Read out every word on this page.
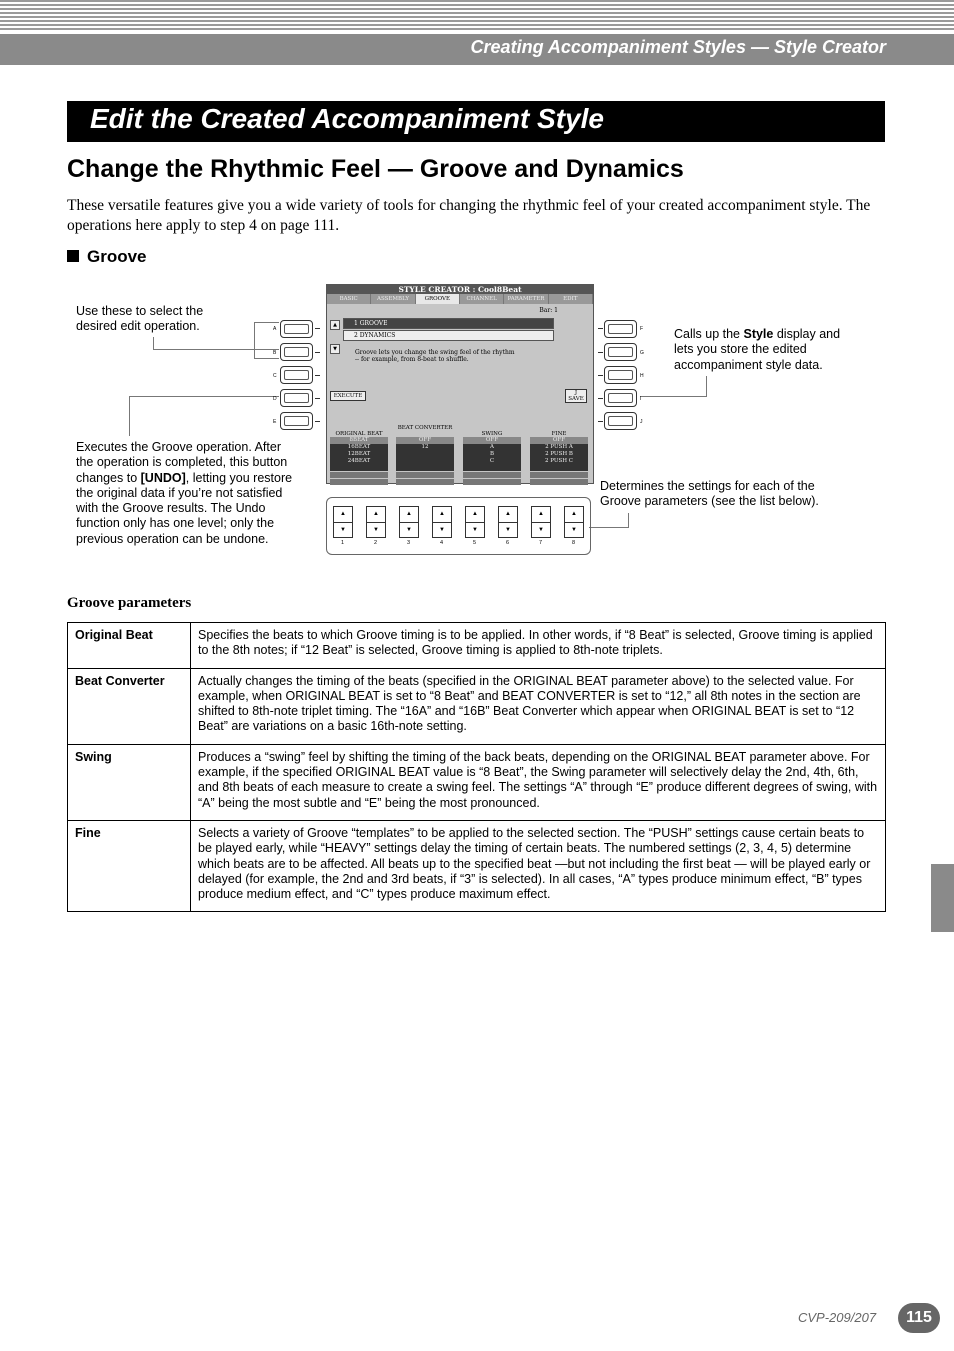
Creating Accompaniment Styles — Style Creator
Edit the Created Accompaniment Style
Change the Rhythmic Feel — Groove and Dynamics
These versatile features give you a wide variety of tools for changing the rhythmic feel of your created accompaniment style. The operations here apply to step 4 on page 111.
Groove
Use these to select the desired edit operation.
Executes the Groove operation. After the operation is completed, this button changes to [UNDO], letting you restore the original data if you’re not satisfied with the Groove results. The Undo function only has one level; only the previous operation can be undone.
Calls up the Style display and lets you store the edited accompaniment style data.
Determines the settings for each of the Groove parameters (see the list below).
A
B
C
D
E
F
G
H
I
J
STYLE CREATOR : Cool8Beat
BASIC	ASSEMBLY	GROOVE	CHANNEL	PARAMETER	EDIT
▲
▼
Bar: 1
1 GROOVE
2 DYNAMICS
Groove lets you change the swing feel of the rhythm
-- for example, from 8-beat to shuffle.
EXECUTE	J
SAVE
ORIGINAL BEAT
8BEAT
16BEAT
12BEAT
24BEAT
BEAT CONVERTER
OFF
12
SWING
OFF
A
B
C
FINE
OFF
2 PUSH A
2 PUSH B
2 PUSH C
▲
▼
1
▲
▼
2
▲
▼
3
▲
▼
4
▲
▼
5
▲
▼
6
▲
▼
7
▲
▼
8
Groove parameters
Original Beat	Specifies the beats to which Groove timing is to be applied. In other words, if “8 Beat” is selected, Groove timing is applied to the 8th notes; if “12 Beat” is selected, Groove timing is applied to 8th-note triplets.
Beat Converter	Actually changes the timing of the beats (specified in the ORIGINAL BEAT parameter above) to the selected value. For example, when ORIGINAL BEAT is set to “8 Beat” and BEAT CONVERTER is set to “12,” all 8th notes in the section are shifted to 8th-note triplet timing. The “16A” and “16B” Beat Converter which appear when ORIGINAL BEAT is set to “12 Beat” are variations on a basic 16th-note setting.
Swing	Produces a “swing” feel by shifting the timing of the back beats, depending on the ORIGINAL BEAT parameter above. For example, if the specified ORIGINAL BEAT value is “8 Beat”, the Swing parameter will selectively delay the 2nd, 4th, 6th, and 8th beats of each measure to create a swing feel. The settings “A” through “E” produce different degrees of swing, with “A” being the most subtle and “E” being the most pronounced.
Fine	Selects a variety of Groove “templates” to be applied to the selected section. The “PUSH” settings cause certain beats to be played early, while “HEAVY” settings delay the timing of certain beats. The numbered settings (2, 3, 4, 5) determine which beats are to be affected. All beats up to the specified beat —but not including the first beat — will be played early or delayed (for example, the 2nd and 3rd beats, if “3” is selected). In all cases, “A” types produce minimum effect, “B” types produce medium effect, and “C” types produce maximum effect.
CVP-209/207	115
